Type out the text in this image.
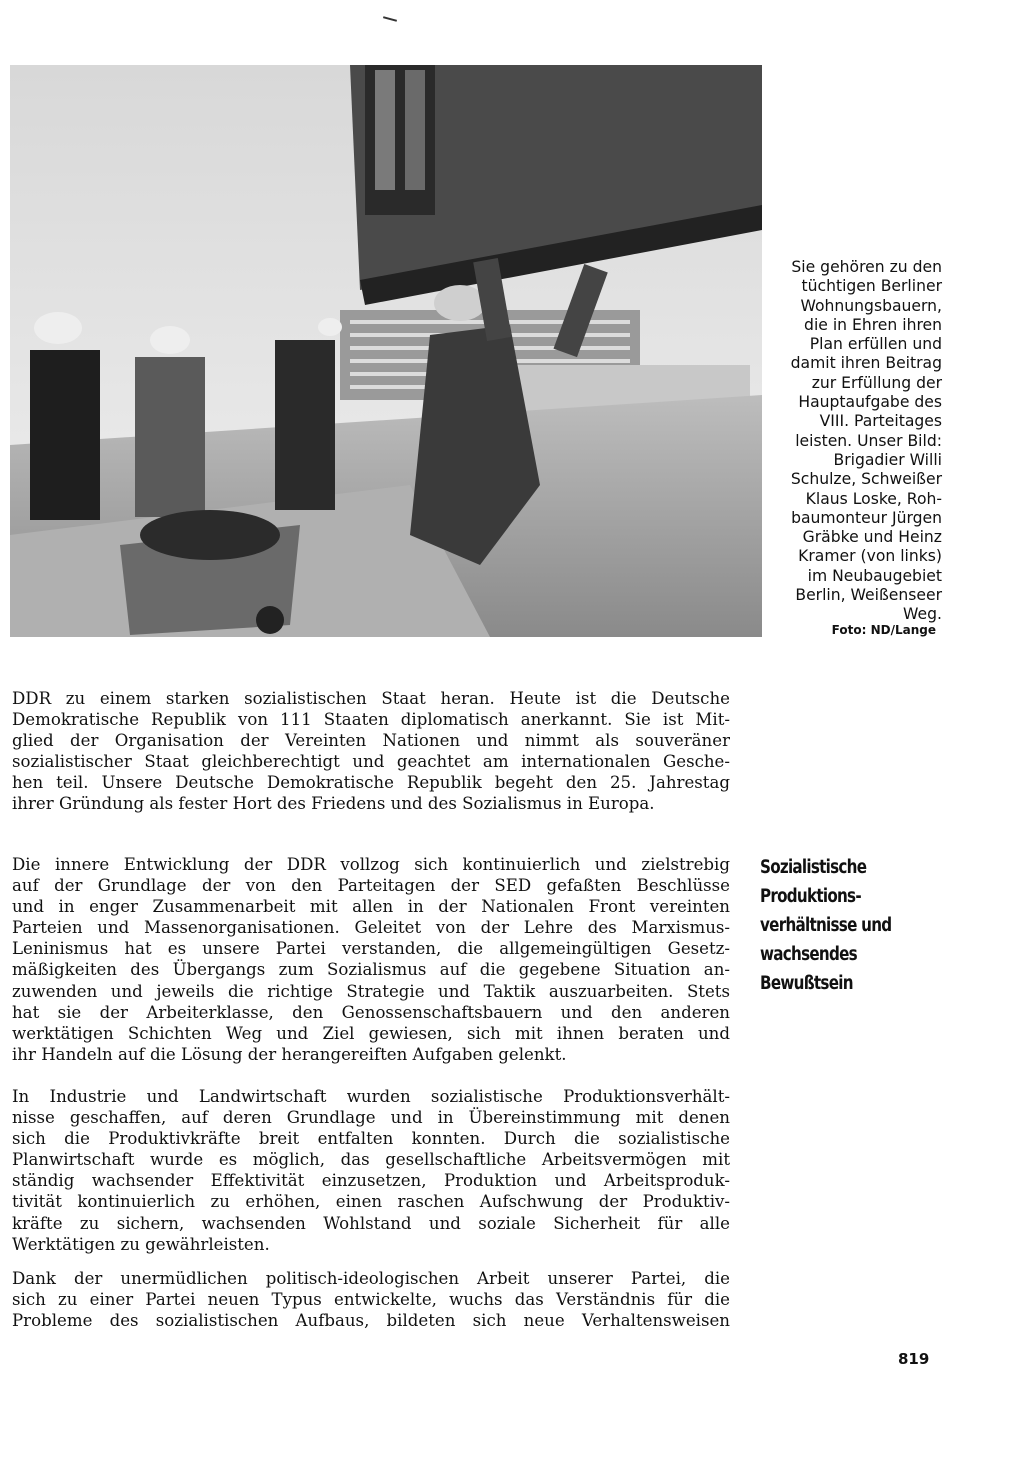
Sie gehören zu den
tüchtigen Berliner
Wohnungsbauern,
die in Ehren ihren
Plan erfüllen und
damit ihren Beitrag
zur Erfüllung der
Hauptaufgabe des
VIII. Parteitages
leisten. Unser Bild:
Brigadier Willi
Schulze, Schweißer
Klaus Loske, Roh-
baumonteur Jürgen
Gräbke und Heinz
Kramer (von links)
im Neubaugebiet
Berlin, Weißenseer
Weg.
Foto: ND/Lange
DDR zu einem starken sozialistischen Staat heran. Heute ist die Deutsche
Demokratische Republik von 111 Staaten diplomatisch anerkannt. Sie ist Mit-
glied der Organisation der Vereinten Nationen und nimmt als souveräner
sozialistischer Staat gleichberechtigt und geachtet am internationalen Gesche-
hen teil. Unsere Deutsche Demokratische Republik begeht den 25. Jahrestag
ihrer Gründung als fester Hort des Friedens und des Sozialismus in Europa.
Sozialistische
Produktions-
verhältnisse und
wachsendes
Bewußtsein
Die innere Entwicklung der DDR vollzog sich kontinuierlich und zielstrebig
auf der Grundlage der von den Parteitagen der SED gefaßten Beschlüsse
und in enger Zusammenarbeit mit allen in der Nationalen Front vereinten
Parteien und Massenorganisationen. Geleitet von der Lehre des Marxismus-
Leninismus hat es unsere Partei verstanden, die allgemeingültigen Gesetz-
mäßigkeiten des Übergangs zum Sozialismus auf die gegebene Situation an-
zuwenden und jeweils die richtige Strategie und Taktik auszuarbeiten. Stets
hat sie der Arbeiterklasse, den Genossenschaftsbauern und den anderen
werktätigen Schichten Weg und Ziel gewiesen, sich mit ihnen beraten und
ihr Handeln auf die Lösung der herangereiften Aufgaben gelenkt.
In Industrie und Landwirtschaft wurden sozialistische Produktionsverhält-
nisse geschaffen, auf deren Grundlage und in Übereinstimmung mit denen
sich die Produktivkräfte breit entfalten konnten. Durch die sozialistische
Planwirtschaft wurde es möglich, das gesellschaftliche Arbeitsvermögen mit
ständig wachsender Effektivität einzusetzen, Produktion und Arbeitsproduk-
tivität kontinuierlich zu erhöhen, einen raschen Aufschwung der Produktiv-
kräfte zu sichern, wachsenden Wohlstand und soziale Sicherheit für alle
Werktätigen zu gewährleisten.
Dank der unermüdlichen politisch-ideologischen Arbeit unserer Partei, die
sich zu einer Partei neuen Typus entwickelte, wuchs das Verständnis für die
Probleme des sozialistischen Aufbaus, bildeten sich neue Verhaltensweisen
819
